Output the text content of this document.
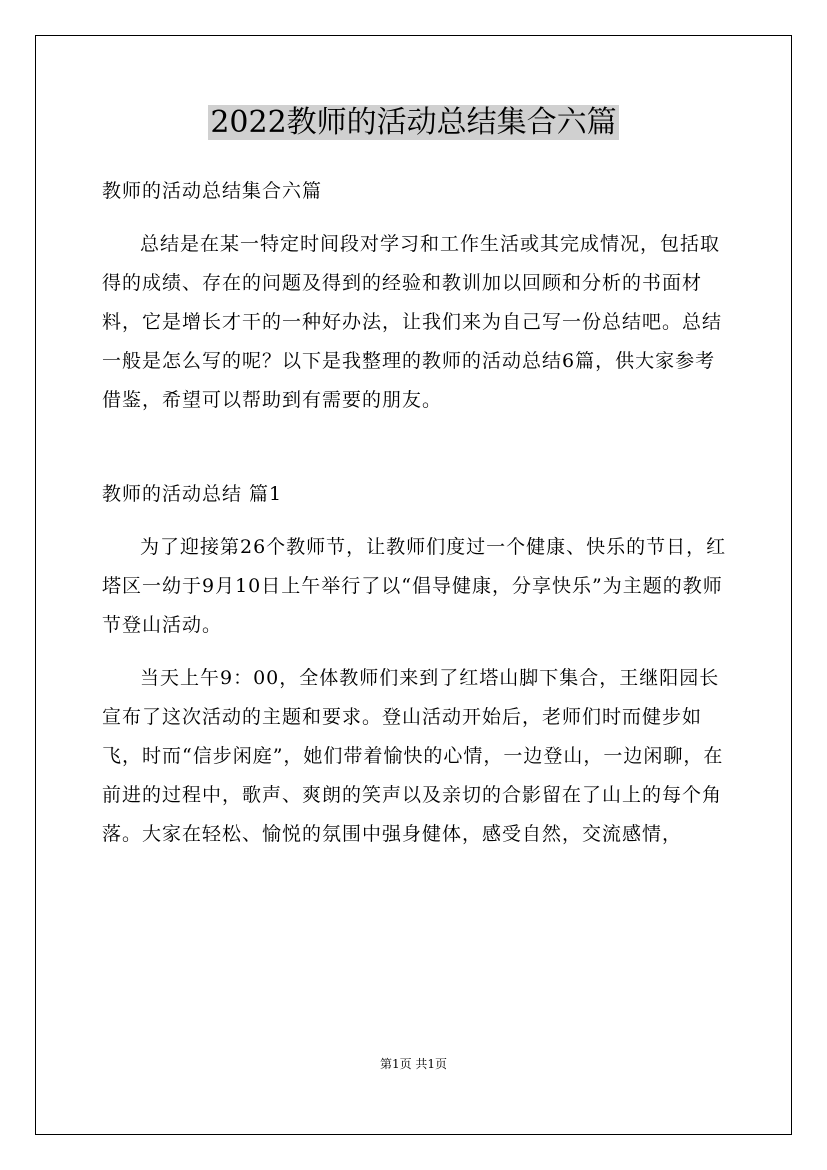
2022教师的活动总结集合六篇

教师的活动总结集合六篇

总结是在某一特定时间段对学习和工作生活或其完成情况，包括取得的成绩、存在的问题及得到的经验和教训加以回顾和分析的书面材料，它是增长才干的一种好办法，让我们来为自己写一份总结吧。总结一般是怎么写的呢？以下是我整理的教师的活动总结6篇，供大家参考借鉴，希望可以帮助到有需要的朋友。

教师的活动总结 篇1

为了迎接第26个教师节，让教师们度过一个健康、快乐的节日，红塔区一幼于9月10日上午举行了以“倡导健康，分享快乐”为主题的教师节登山活动。

当天上午9：00，全体教师们来到了红塔山脚下集合，王继阳园长宣布了这次活动的主题和要求。登山活动开始后，老师们时而健步如飞，时而“信步闲庭”，她们带着愉快的心情，一边登山，一边闲聊，在前进的过程中，歌声、爽朗的笑声以及亲切的合影留在了山上的每个角落。大家在轻松、愉悦的氛围中强身健体，感受自然，交流感情，

第1页 共1页
